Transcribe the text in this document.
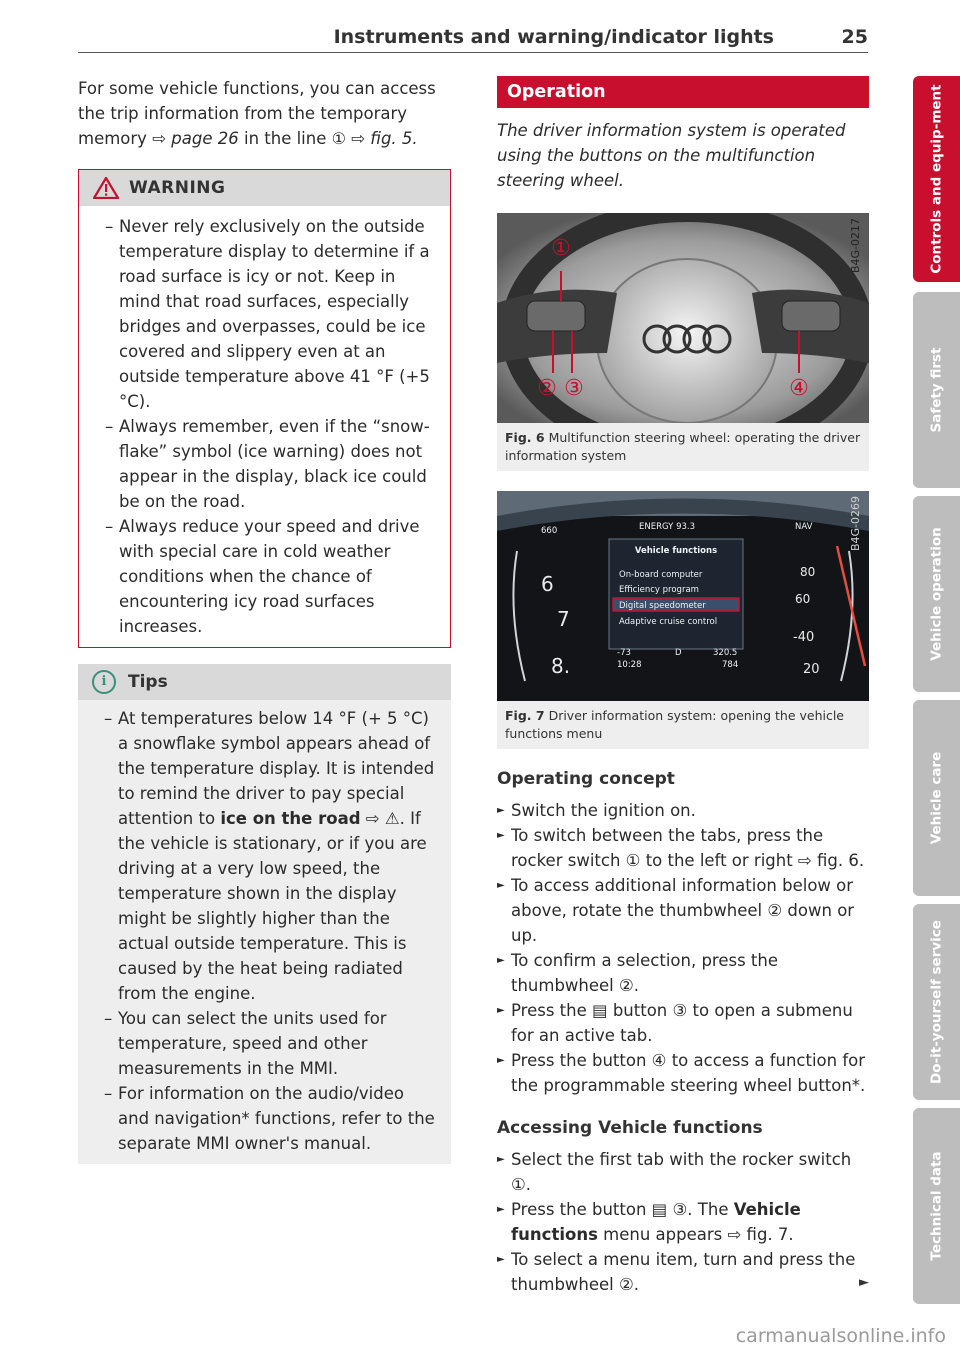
Instruments and warning/indicator lights	25

For some vehicle functions, you can access the trip information from the temporary memory ⇨ page 26 in the line ① ⇨ fig. 5.

WARNING

– Never rely exclusively on the outside temperature display to determine if a road surface is icy or not. Keep in mind that road surfaces, especially bridges and overpasses, could be ice covered and slippery even at an outside temperature above 41 °F (+5 °C).

– Always remember, even if the “snow-flake” symbol (ice warning) does not appear in the display, black ice could be on the road.

– Always reduce your speed and drive with special care in cold weather conditions when the chance of encountering icy road surfaces increases.

i	Tips

– At temperatures below 14 °F (+ 5 °C) a snowflake symbol appears ahead of the temperature display. It is intended to remind the driver to pay special attention to ice on the road ⇨ ⚠. If the vehicle is stationary, or if you are driving at a very low speed, the temperature shown in the display might be slightly higher than the actual outside temperature. This is caused by the heat being radiated from the engine.

– You can select the units used for temperature, speed and other measurements in the MMI.

– For information on the audio/video and navigation* functions, refer to the separate MMI owner's manual.

Operation

The driver information system is operated using the buttons on the multifunction steering wheel.

①
② ③	④
B4G-0217
Fig. 6 Multifunction steering wheel: operating the driver information system
6
7
8.
80
60
-40
20
660	ENERGY 93.3	NAV
Vehicle functions
On-board computer
Efficiency program
Digital speedometer
Adaptive cruise control
-73
10:28
D	320.5
784
B4G-0269
Fig. 7 Driver information system: opening the vehicle functions menu
Operating concept

► Switch the ignition on.

► To switch between the tabs, press the rocker switch ① to the left or right ⇨ fig. 6.

► To access additional information below or above, rotate the thumbwheel ② down or up.

► To confirm a selection, press the thumbwheel ②.

► Press the ▤ button ③ to open a submenu for an active tab.

► Press the button ④ to access a function for the programmable steering wheel button*.

Accessing Vehicle functions

► Select the first tab with the rocker switch ①.

► Press the button ▤ ③. The Vehicle functions menu appears ⇨ fig. 7.

► To select a menu item, turn and press the thumbwheel ②.	►

Controls and equip-ment
Safety first
Vehicle operation
Vehicle care
Do-it-yourself service
Technical data
carmanualsonline.info
